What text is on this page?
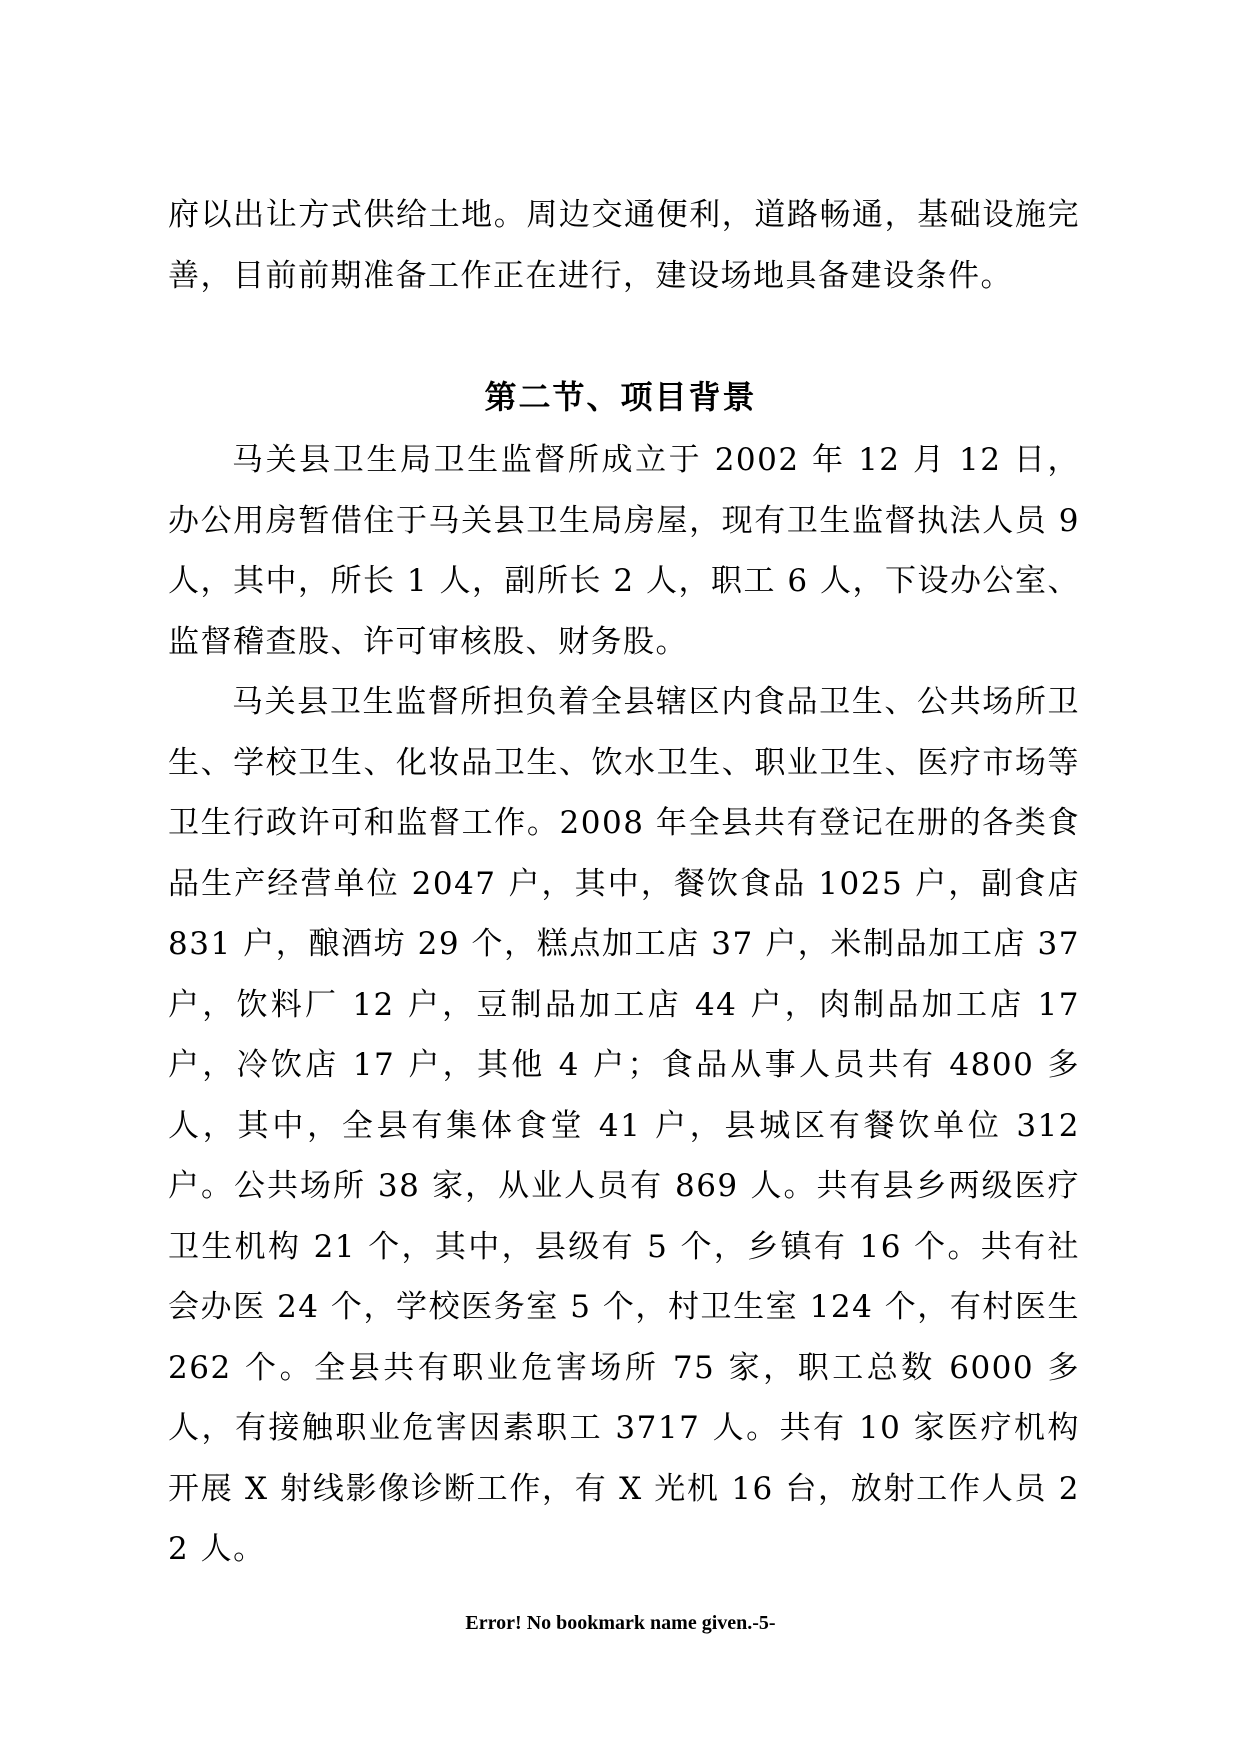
府以出让方式供给土地。周边交通便利，道路畅通，基础设施完善，目前前期准备工作正在进行，建设场地具备建设条件。

第二节、项目背景

马关县卫生局卫生监督所成立于 2002 年 12 月 12 日，办公用房暂借住于马关县卫生局房屋，现有卫生监督执法人员 9 人，其中，所长 1 人，副所长 2 人，职工 6 人，下设办公室、监督稽查股、许可审核股、财务股。

马关县卫生监督所担负着全县辖区内食品卫生、公共场所卫生、学校卫生、化妆品卫生、饮水卫生、职业卫生、医疗市场等卫生行政许可和监督工作。2008 年全县共有登记在册的各类食品生产经营单位 2047 户，其中，餐饮食品 1025 户，副食店 831 户，酿酒坊 29 个，糕点加工店 37 户，米制品加工店 37 户，饮料厂 12 户，豆制品加工店 44 户，肉制品加工店 17 户，冷饮店 17 户，其他 4 户；食品从事人员共有 4800 多人，其中，全县有集体食堂 41 户，县城区有餐饮单位 312 户。公共场所 38 家，从业人员有 869 人。共有县乡两级医疗卫生机构 21 个，其中，县级有 5 个，乡镇有 16 个。共有社会办医 24 个，学校医务室 5 个，村卫生室 124 个，有村医生 262 个。全县共有职业危害场所 75 家，职工总数 6000 多人，有接触职业危害因素职工 3717 人。共有 10 家医疗机构开展 X 射线影像诊断工作，有 X 光机 16 台，放射工作人员 22 人。

Error! No bookmark name given.-5-
